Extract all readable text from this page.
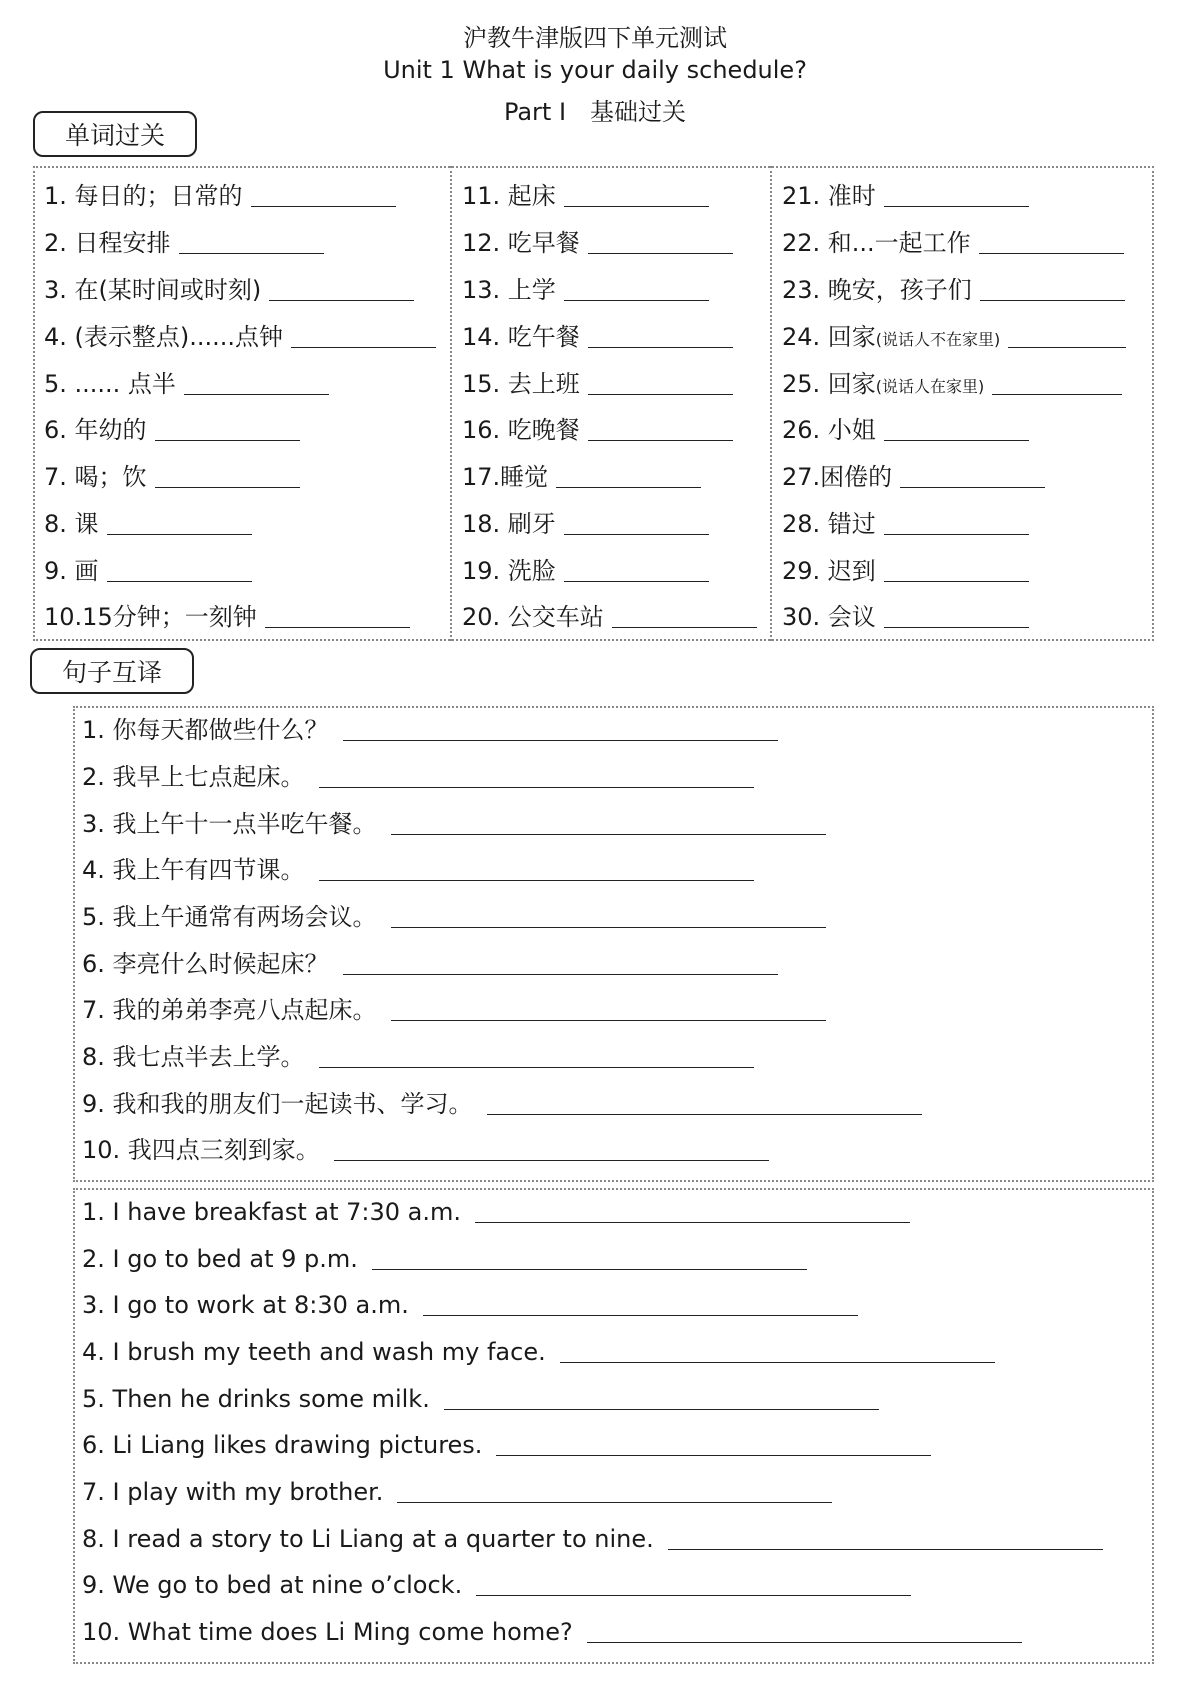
沪教牛津版四下单元测试
Unit 1 What is your daily schedule?
Part Ⅰ　基础过关
单词过关
1. 每日的；日常的
2. 日程安排
3. 在(某时间或时刻)
4. (表示整点)......点钟
5. ...... 点半
6. 年幼的
7. 喝；饮
8. 课
9. 画
10.15分钟；一刻钟
11. 起床
12. 吃早餐
13. 上学
14. 吃午餐
15. 去上班
16. 吃晚餐
17.睡觉
18. 刷牙
19. 洗脸
20. 公交车站
21. 准时
22. 和...一起工作
23. 晚安，孩子们
24. 回家(说话人不在家里)
25. 回家(说话人在家里)
26. 小姐
27.困倦的
28. 错过
29. 迟到
30. 会议
句子互译
1. 你每天都做些什么？
2. 我早上七点起床。
3. 我上午十一点半吃午餐。
4. 我上午有四节课。
5. 我上午通常有两场会议。
6. 李亮什么时候起床？
7. 我的弟弟李亮八点起床。
8. 我七点半去上学。
9. 我和我的朋友们一起读书、学习。
10. 我四点三刻到家。
1. I have breakfast at 7:30 a.m.
2. I go to bed at 9 p.m.
3. I go to work at 8:30 a.m.
4. I brush my teeth and wash my face.
5. Then he drinks some milk.
6. Li Liang likes drawing pictures.
7. I play with my brother.
8. I read a story to Li Liang at a quarter to nine.
9. We go to bed at nine o’clock.
10. What time does Li Ming come home?
